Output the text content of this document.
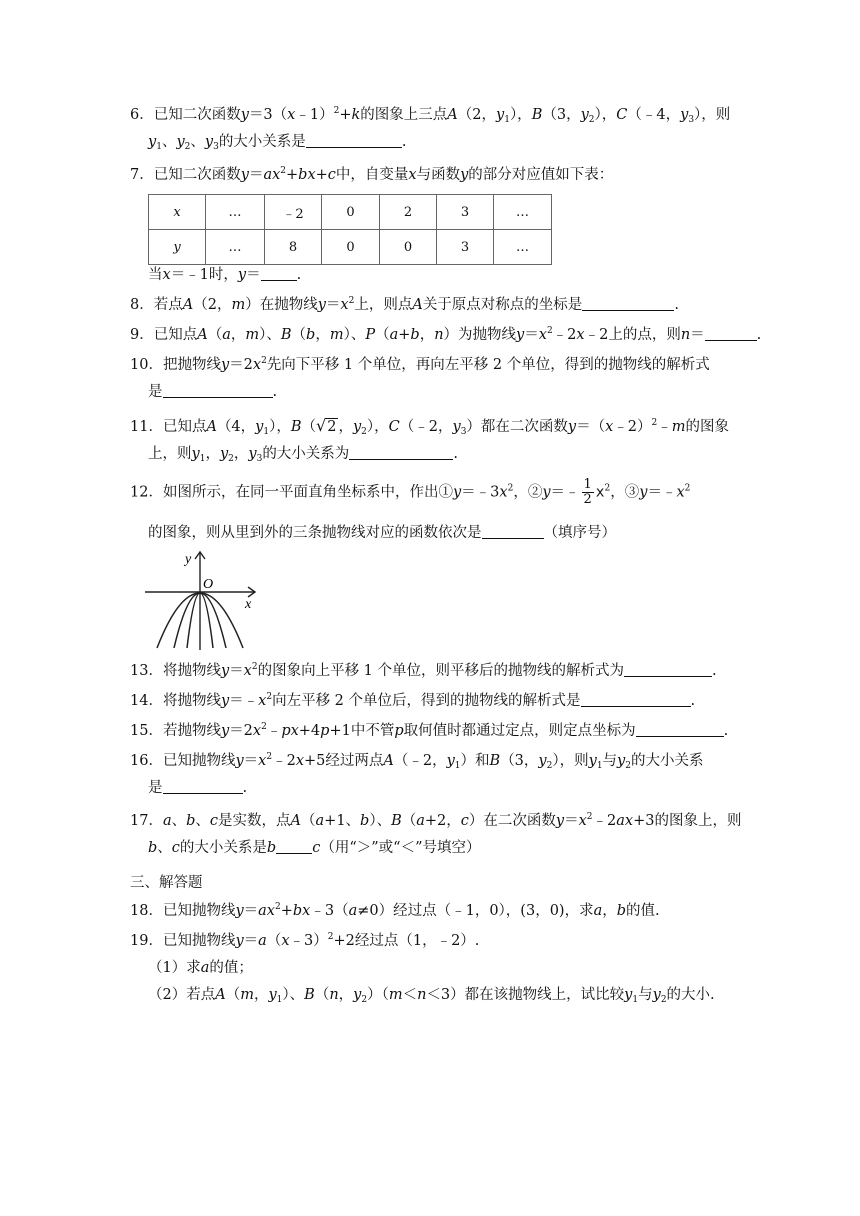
6．已知二次函数y＝3（x﹣1）$^2$+k的图象上三点A（2，$y_1$），B（3，$y_2$），C（﹣4，$y_3$），则
$y_1$、$y_2$、$y_3$的大小关系是	.
7．已知二次函数$y=ax^2+bx+c$中，自变量x与函数y的部分对应值如下表：
x	…	﹣2	0	2	3	…
y	…	8	0	0	3	…
当x＝﹣1时，y＝ .
8．若点A（2，m）在抛物线$y=x^2$上，则点A关于原点对称点的坐标是	.
9．已知点A（a，m）、B（b，m）、P（a+b，n）为抛物线$y=x^2﹣2x﹣2$上的点，则n＝	.
10．把抛物线$y=2x^2$先向下平移 1 个单位，再向左平移 2 个单位，得到的抛物线的解析式
是	.
11．已知点A（4，$y_1$），B（√2 ，$y_2$），C（﹣2，$y_3$）都在二次函数y＝（x﹣2）$^2$﹣m的图象
上，则$y_1$，$y_2$，$y_3$的大小关系为	.
12．如图所示，在同一平面直角坐标系中，作出$①y=﹣3x^2$，②y＝﹣ $\frac{1}{2} x^2$，$③y=﹣x^2$
的图象，则从里到外的三条抛物线对应的函数依次是	（填序号）
y
O
x
13．将抛物线$y=x^2$的图象向上平移 1 个单位，则平移后的抛物线的解析式为	.
14．将抛物线$y=﹣x^2$向左平移 2 个单位后，得到的抛物线的解析式是	.
15．若抛物线$y=2x^2﹣px+4p+1$中不管p取何值时都通过定点，则定点坐标为	.
16．已知抛物线$y=x^2﹣2x+5$经过两点A（﹣2，$y_1$）和B（3，$y_2$），则$y_1$与$y_2$的大小关系
是	.
17．a、b、c是实数，点A（a+1、b）、B（a+2，c）在二次函数$y=x^2﹣2ax+3$的图象上，则
b、c的大小关系是b c（用“＞”或“＜”号填空）
三、解答题
18．已知抛物线$y=ax^2+bx﹣3(a\ne 0)$经过点（﹣1，0），(3，0)，求a，b的值.
19．已知抛物线y＝a（x﹣3）$^2$+2经过点（1，﹣2）.
（1）求a的值；
（2）若点A（m，$y_1$）、B（n，$y_2)(m<n<3)$都在该抛物线上，试比较$y_1$与$y_2$的大小.
